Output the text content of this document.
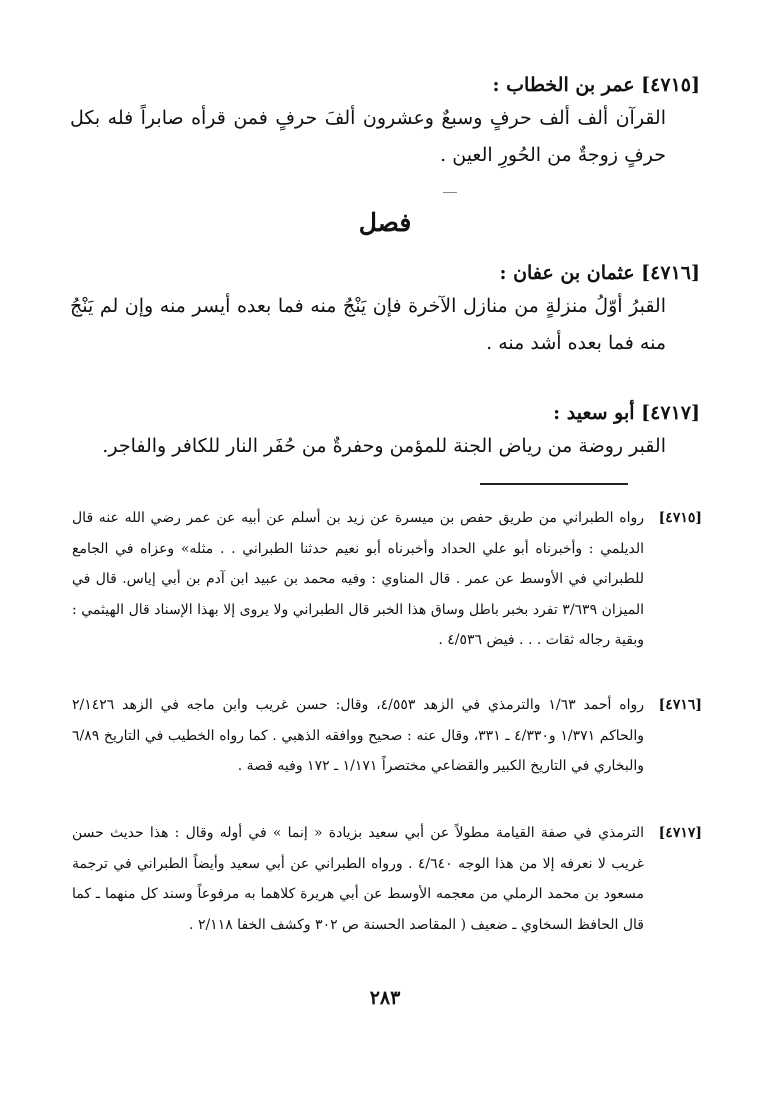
[٤٧١٥] عمر بن الخطاب :
القرآن ألف ألف حرفٍ وسبعٌ وعشرون ألفَ حرفٍ فمن قرأه صابراً فله بكل حرفٍ زوجةٌ من الحُورِ العين .
فصل
[٤٧١٦] عثمان بن عفان :
القبرُ أوّلُ منزلةٍ من منازل الآخرة فإن يَنْجُ منه فما بعده أيسر منه وإن لم يَنْجُ منه فما بعده أشد منه .
[٤٧١٧] أبو سعيد :
القبر روضة من رياض الجنة للمؤمن وحفرةٌ من حُفَر النار للكافر والفاجر.
[٤٧١٥]
رواه الطبراني من طريق حفص بن ميسرة عن زيد بن أسلم عن أبيه عن عمر رضي الله عنه قال الديلمي : وأخبرناه أبو علي الحداد وأخبرناه أبو نعيم حدثنا الطبراني . . مثله» وعزاه في الجامع للطبراني في الأوسط عن عمر . قال المناوي : وفيه محمد بن عبيد ابن آدم بن أبي إياس. قال في الميزان ٣/٦٣٩ تفرد بخبر باطل وساق هذا الخبر قال الطبراني ولا يروى إلا بهذا الإسناد قال الهيثمي : وبقية رجاله ثقات . . . فيض ٤/٥٣٦ .
[٤٧١٦]
رواه أحمد ١/٦٣ والترمذي في الزهد ٤/٥٥٣، وقال: حسن غريب وابن ماجه في الزهد ٢/١٤٢٦ والحاكم ١/٣٧١ و٤/٣٣٠ ـ ٣٣١، وقال عنه : صحيح ووافقه الذهبي . كما رواه الخطيب في التاريخ ٦/٨٩ والبخاري في التاريخ الكبير والقضاعي مختصراً ١/١٧١ ـ ١٧٢ وفيه قصة .
[٤٧١٧]
الترمذي في صفة القيامة مطولاً عن أبي سعيد بزيادة « إنما » في أوله وقال : هذا حديث حسن غريب لا نعرفه إلا من هذا الوجه ٤/٦٤٠ . ورواه الطبراني عن أبي سعيد وأيضاً الطبراني في ترجمة مسعود بن محمد الرملي من معجمه الأوسط عن أبي هريرة كلاهما به مرفوعاً وسند كل منهما ـ كما قال الحافظ السخاوي ـ ضعيف ( المقاصد الحسنة ص ٣٠٢ وكشف الخفا ٢/١١٨ .
٢٨٣
